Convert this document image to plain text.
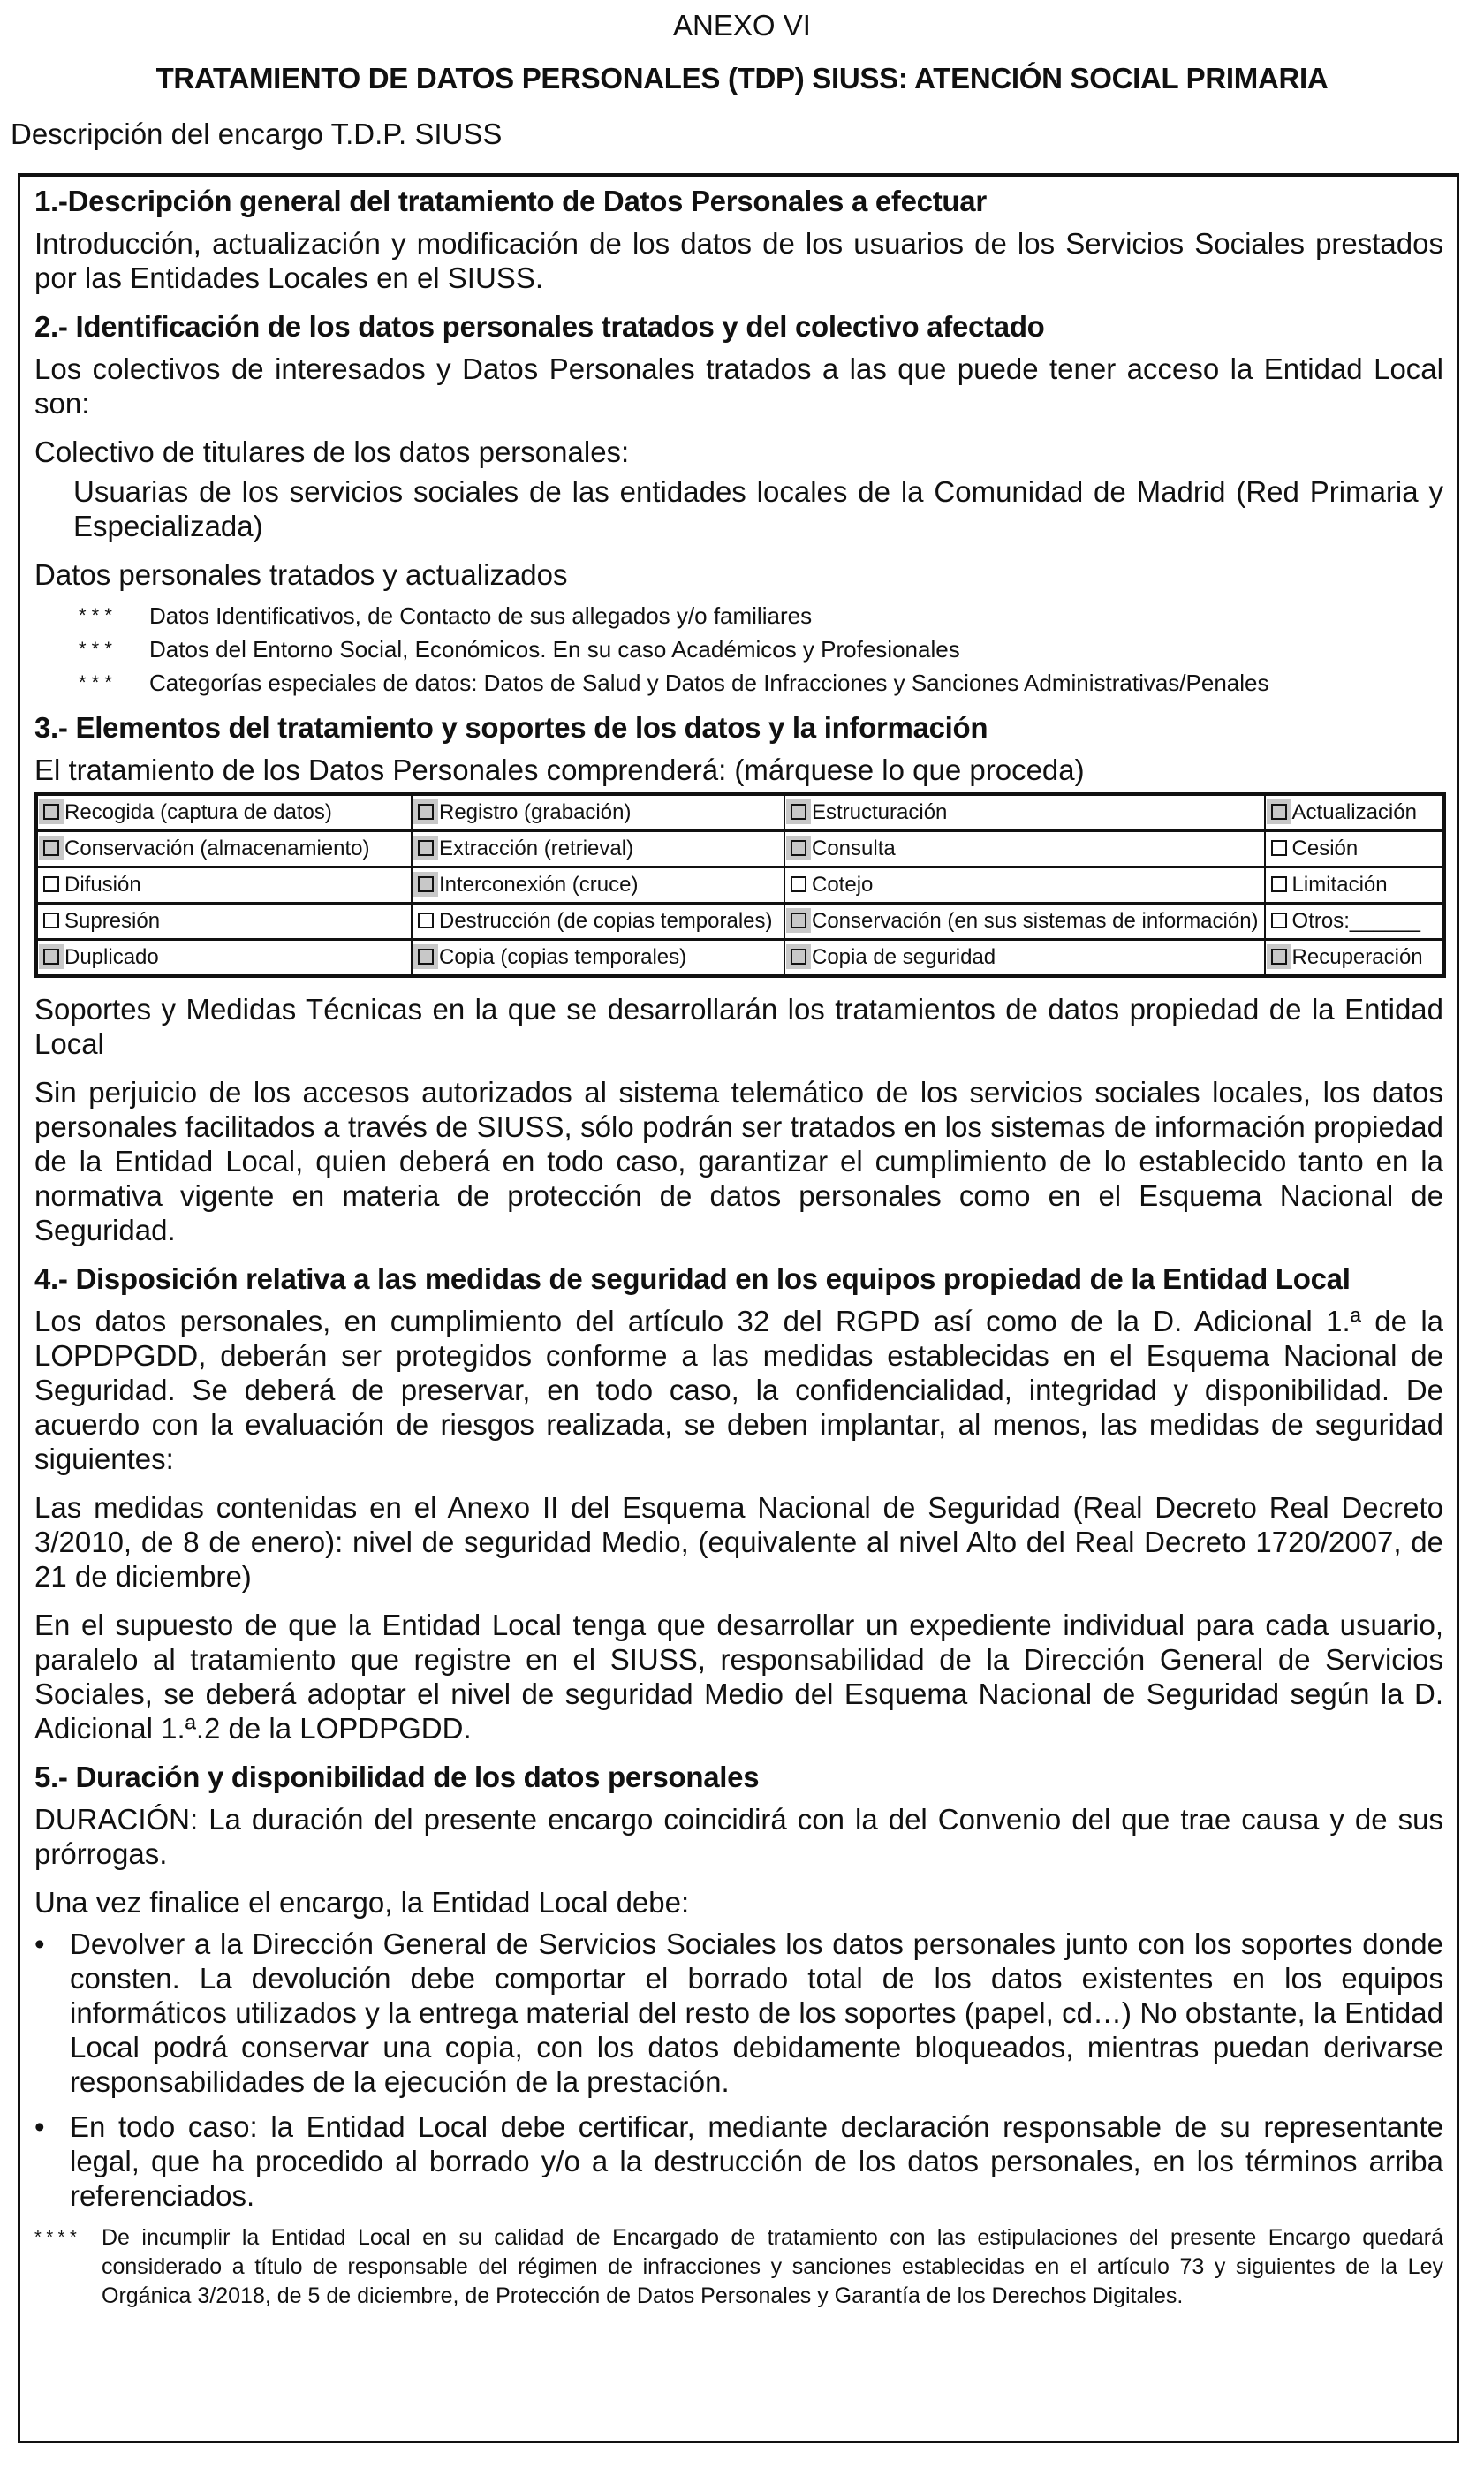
ANEXO VI
TRATAMIENTO DE DATOS PERSONALES (TDP) SIUSS: ATENCIÓN SOCIAL PRIMARIA
Descripción del encargo T.D.P. SIUSS
1.-Descripción general del tratamiento de Datos Personales a efectuar

Introducción, actualización y modificación de los datos de los usuarios de los Servicios Sociales prestados por las Entidades Locales en el SIUSS.

2.- Identificación de los datos personales tratados y del colectivo afectado

Los colectivos de interesados y Datos Personales tratados a las que puede tener acceso la Entidad Local son:

Colectivo de titulares de los datos personales:

Usuarias de los servicios sociales de las entidades locales de la Comunidad de Madrid (Red Primaria y Especializada)

Datos personales tratados y actualizados

* * *	Datos Identificativos, de Contacto de sus allegados y/o familiares
* * *	Datos del Entorno Social, Económicos. En su caso Académicos y Profesionales
* * *	Categorías especiales de datos: Datos de Salud y Datos de Infracciones y Sanciones Administrativas/Penales
3.- Elementos del tratamiento y soportes de los datos y la información

El tratamiento de los Datos Personales comprenderá: (márquese lo que proceda)

Recogida (captura de datos)	Registro (grabación)	Estructuración	Actualización
Conservación (almacenamiento)	Extracción (retrieval)	Consulta	Cesión
Difusión	Interconexión (cruce)	Cotejo	Limitación
Supresión	Destrucción (de copias temporales)	Conservación (en sus sistemas de información)	Otros:______
Duplicado	Copia (copias temporales)	Copia de seguridad	Recuperación

Soportes y Medidas Técnicas en la que se desarrollarán los tratamientos de datos propiedad de la Entidad Local

Sin perjuicio de los accesos autorizados al sistema telemático de los servicios sociales locales, los datos personales facilitados a través de SIUSS, sólo podrán ser tratados en los sistemas de información propiedad de la Entidad Local, quien deberá en todo caso, garantizar el cumplimiento de lo establecido tanto en la normativa vigente en materia de protección de datos personales como en el Esquema Nacional de Seguridad.

4.- Disposición relativa a las medidas de seguridad en los equipos propiedad de la Entidad Local

Los datos personales, en cumplimiento del artículo 32 del RGPD así como de la D. Adicional 1.ª de la LOPDPGDD, deberán ser protegidos conforme a las medidas establecidas en el Esquema Nacional de Seguridad. Se deberá de preservar, en todo caso, la confidencialidad, integridad y disponibilidad. De acuerdo con la evaluación de riesgos realizada, se deben implantar, al menos, las medidas de seguridad siguientes:

Las medidas contenidas en el Anexo II del Esquema Nacional de Seguridad (Real Decreto Real Decreto 3/2010, de 8 de enero): nivel de seguridad Medio, (equivalente al nivel Alto del Real Decreto 1720/2007, de 21 de diciembre)

En el supuesto de que la Entidad Local tenga que desarrollar un expediente individual para cada usuario, paralelo al tratamiento que registre en el SIUSS, responsabilidad de la Dirección General de Servicios Sociales, se deberá adoptar el nivel de seguridad Medio del Esquema Nacional de Seguridad según la D. Adicional 1.ª.2 de la LOPDPGDD.

5.- Duración y disponibilidad de los datos personales

DURACIÓN: La duración del presente encargo coincidirá con la del Convenio del que trae causa y de sus prórrogas.

Una vez finalice el encargo, la Entidad Local debe:

• Devolver a la Dirección General de Servicios Sociales los datos personales junto con los soportes donde consten. La devolución debe comportar el borrado total de los datos existentes en los equipos informáticos utilizados y la entrega material del resto de los soportes (papel, cd…) No obstante, la Entidad Local podrá conservar una copia, con los datos debidamente bloqueados, mientras puedan derivarse responsabilidades de la ejecución de la prestación.

• En todo caso: la Entidad Local debe certificar, mediante declaración responsable de su representante legal, que ha procedido al borrado y/o a la destrucción de los datos personales, en los términos arriba referenciados.

* * * *	De incumplir la Entidad Local en su calidad de Encargado de tratamiento con las estipulaciones del presente Encargo quedará considerado a título de responsable del régimen de infracciones y sanciones establecidas en el artículo 73 y siguientes de la Ley Orgánica 3/2018, de 5 de diciembre, de Protección de Datos Personales y Garantía de los Derechos Digitales.
